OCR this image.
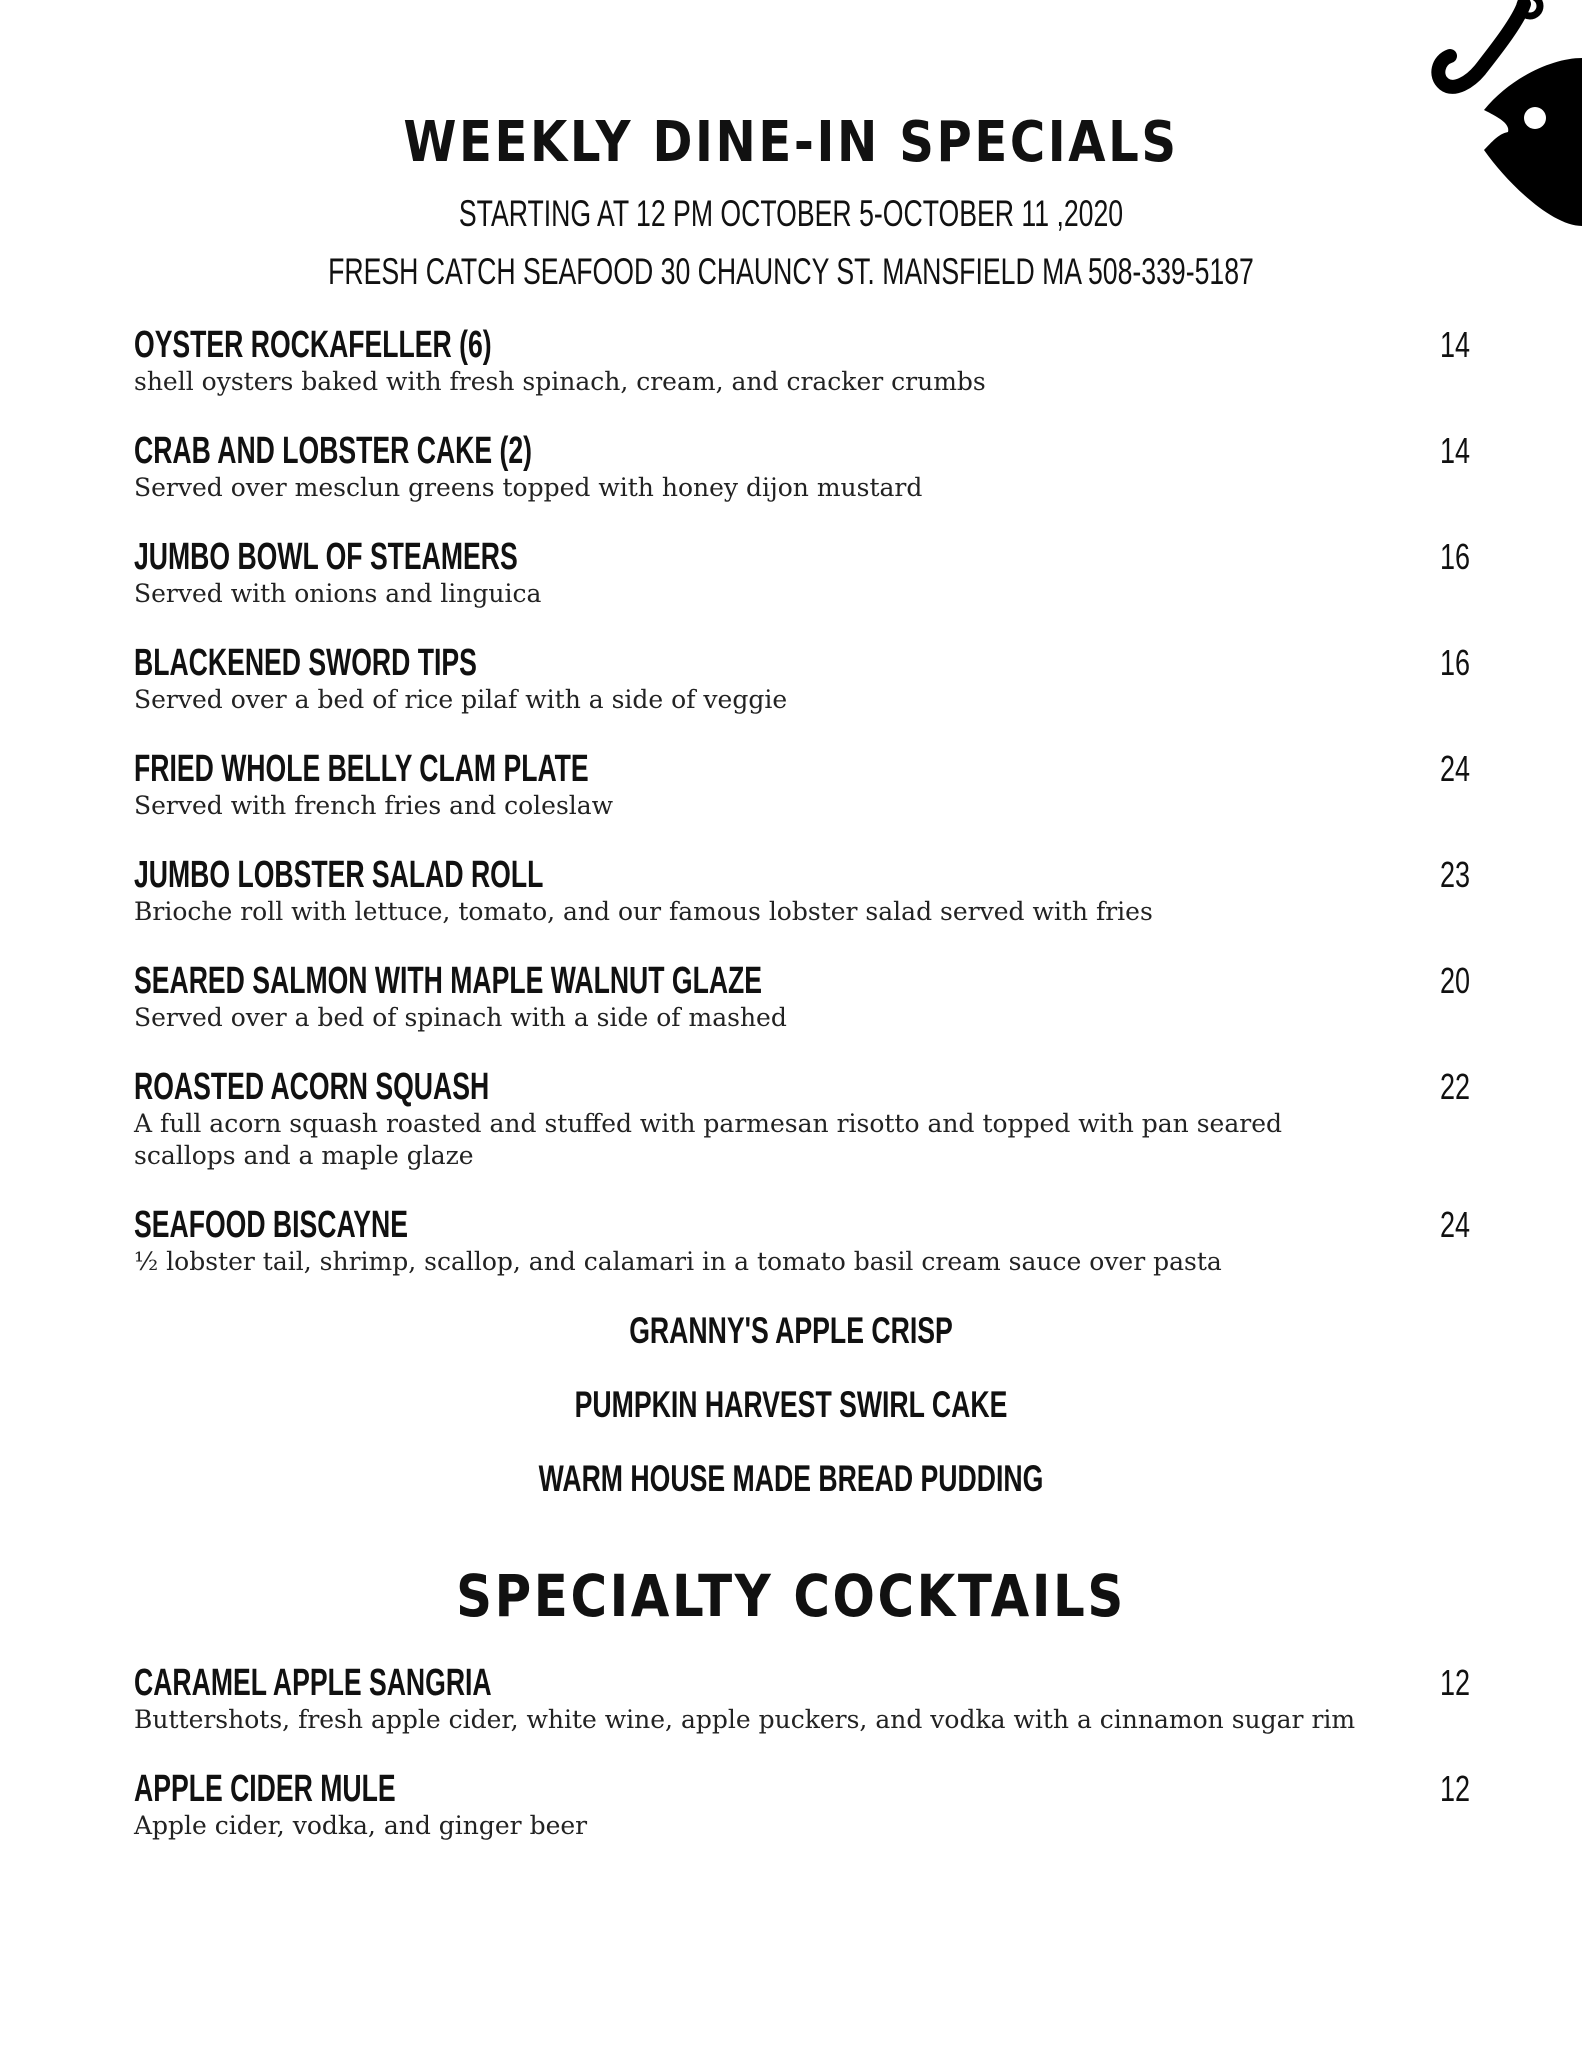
WEEKLY DINE-IN SPECIALS
STARTING AT 12 PM OCTOBER 5-OCTOBER 11 ,2020
FRESH CATCH SEAFOOD 30 CHAUNCY ST. MANSFIELD MA 508-339-5187
OYSTER ROCKAFELLER (6)	14
shell oysters baked with fresh spinach, cream, and cracker crumbs
CRAB AND LOBSTER CAKE (2)	14
Served over mesclun greens topped with honey dijon mustard
JUMBO BOWL OF STEAMERS	16
Served with onions and linguica
BLACKENED SWORD TIPS	16
Served over a bed of rice pilaf with a side of veggie
FRIED WHOLE BELLY CLAM PLATE	24
Served with french fries and coleslaw
JUMBO LOBSTER SALAD ROLL	23
Brioche roll with lettuce, tomato, and our famous lobster salad served with fries
SEARED SALMON WITH MAPLE WALNUT GLAZE	20
Served over a bed of spinach with a side of mashed
ROASTED ACORN SQUASH	22
A full acorn squash roasted and stuffed with parmesan risotto and topped with pan seared scallops and a maple glaze
SEAFOOD BISCAYNE	24
½ lobster tail, shrimp, scallop, and calamari in a tomato basil cream sauce over pasta
GRANNY'S APPLE CRISP
PUMPKIN HARVEST SWIRL CAKE
WARM HOUSE MADE BREAD PUDDING
SPECIALTY COCKTAILS
CARAMEL APPLE SANGRIA	12
Buttershots, fresh apple cider, white wine, apple puckers, and vodka with a cinnamon sugar rim
APPLE CIDER MULE	12
Apple cider, vodka, and ginger beer
